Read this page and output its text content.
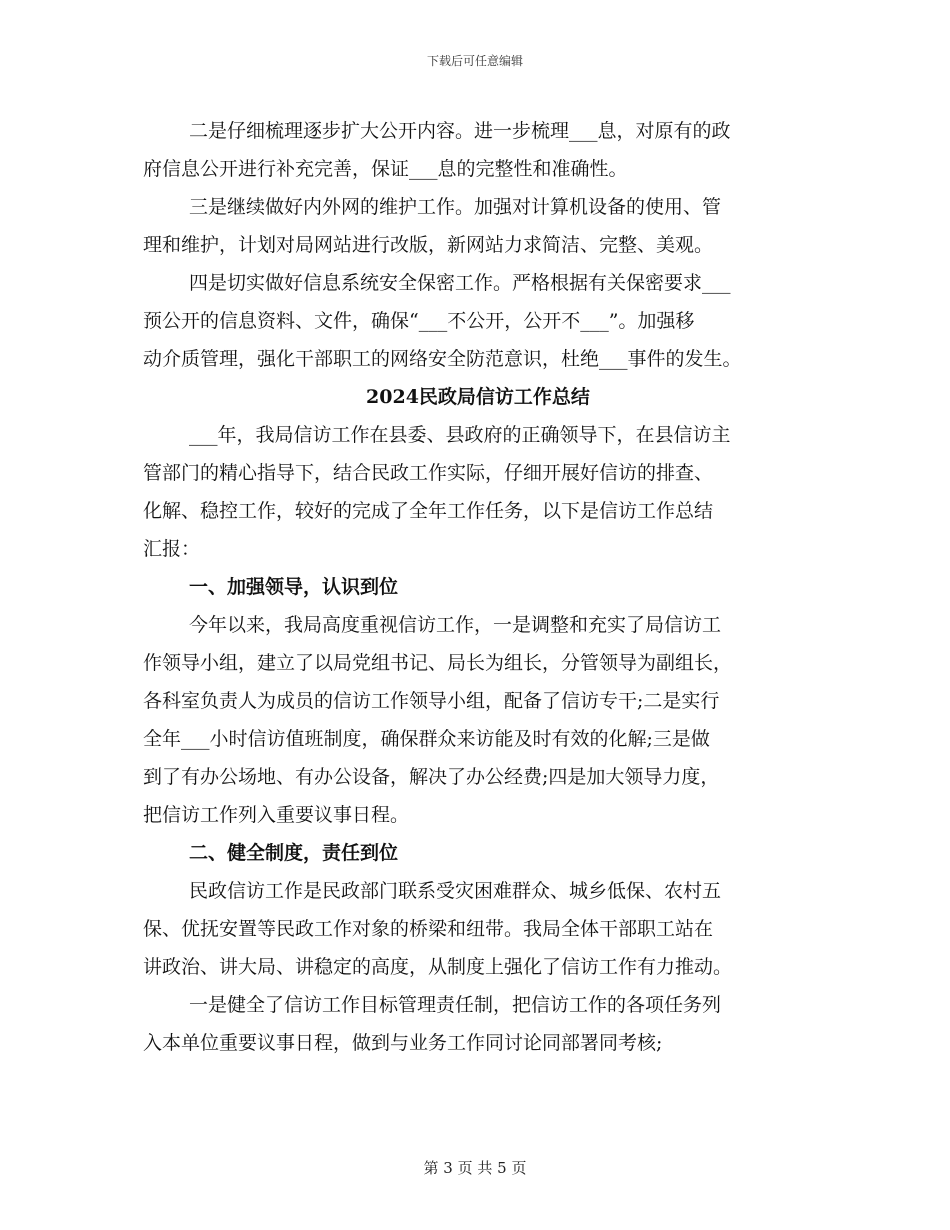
下载后可任意编辑
二是仔细梳理逐步扩大公开内容。进一步梳理___息，对原有的政
府信息公开进行补充完善，保证___息的完整性和准确性。
三是继续做好内外网的维护工作。加强对计算机设备的使用、管
理和维护，计划对局网站进行改版，新网站力求简洁、完整、美观。
四是切实做好信息系统安全保密工作。严格根据有关保密要求___
预公开的信息资料、文件，确保“___不公开，公开不___”。加强移
动介质管理，强化干部职工的网络安全防范意识，杜绝___事件的发生。
2024民政局信访工作总结
___年，我局信访工作在县委、县政府的正确领导下，在县信访主
管部门的精心指导下，结合民政工作实际，仔细开展好信访的排查、
化解、稳控工作，较好的完成了全年工作任务，以下是信访工作总结
汇报：
一、加强领导，认识到位
今年以来，我局高度重视信访工作，一是调整和充实了局信访工
作领导小组，建立了以局党组书记、局长为组长，分管领导为副组长，
各科室负责人为成员的信访工作领导小组，配备了信访专干;二是实行
全年___小时信访值班制度，确保群众来访能及时有效的化解;三是做
到了有办公场地、有办公设备，解决了办公经费;四是加大领导力度，
把信访工作列入重要议事日程。
二、健全制度，责任到位
民政信访工作是民政部门联系受灾困难群众、城乡低保、农村五
保、优抚安置等民政工作对象的桥梁和纽带。我局全体干部职工站在
讲政治、讲大局、讲稳定的高度，从制度上强化了信访工作有力推动。
一是健全了信访工作目标管理责任制，把信访工作的各项任务列
入本单位重要议事日程，做到与业务工作同讨论同部署同考核;
第 3 页 共 5 页
